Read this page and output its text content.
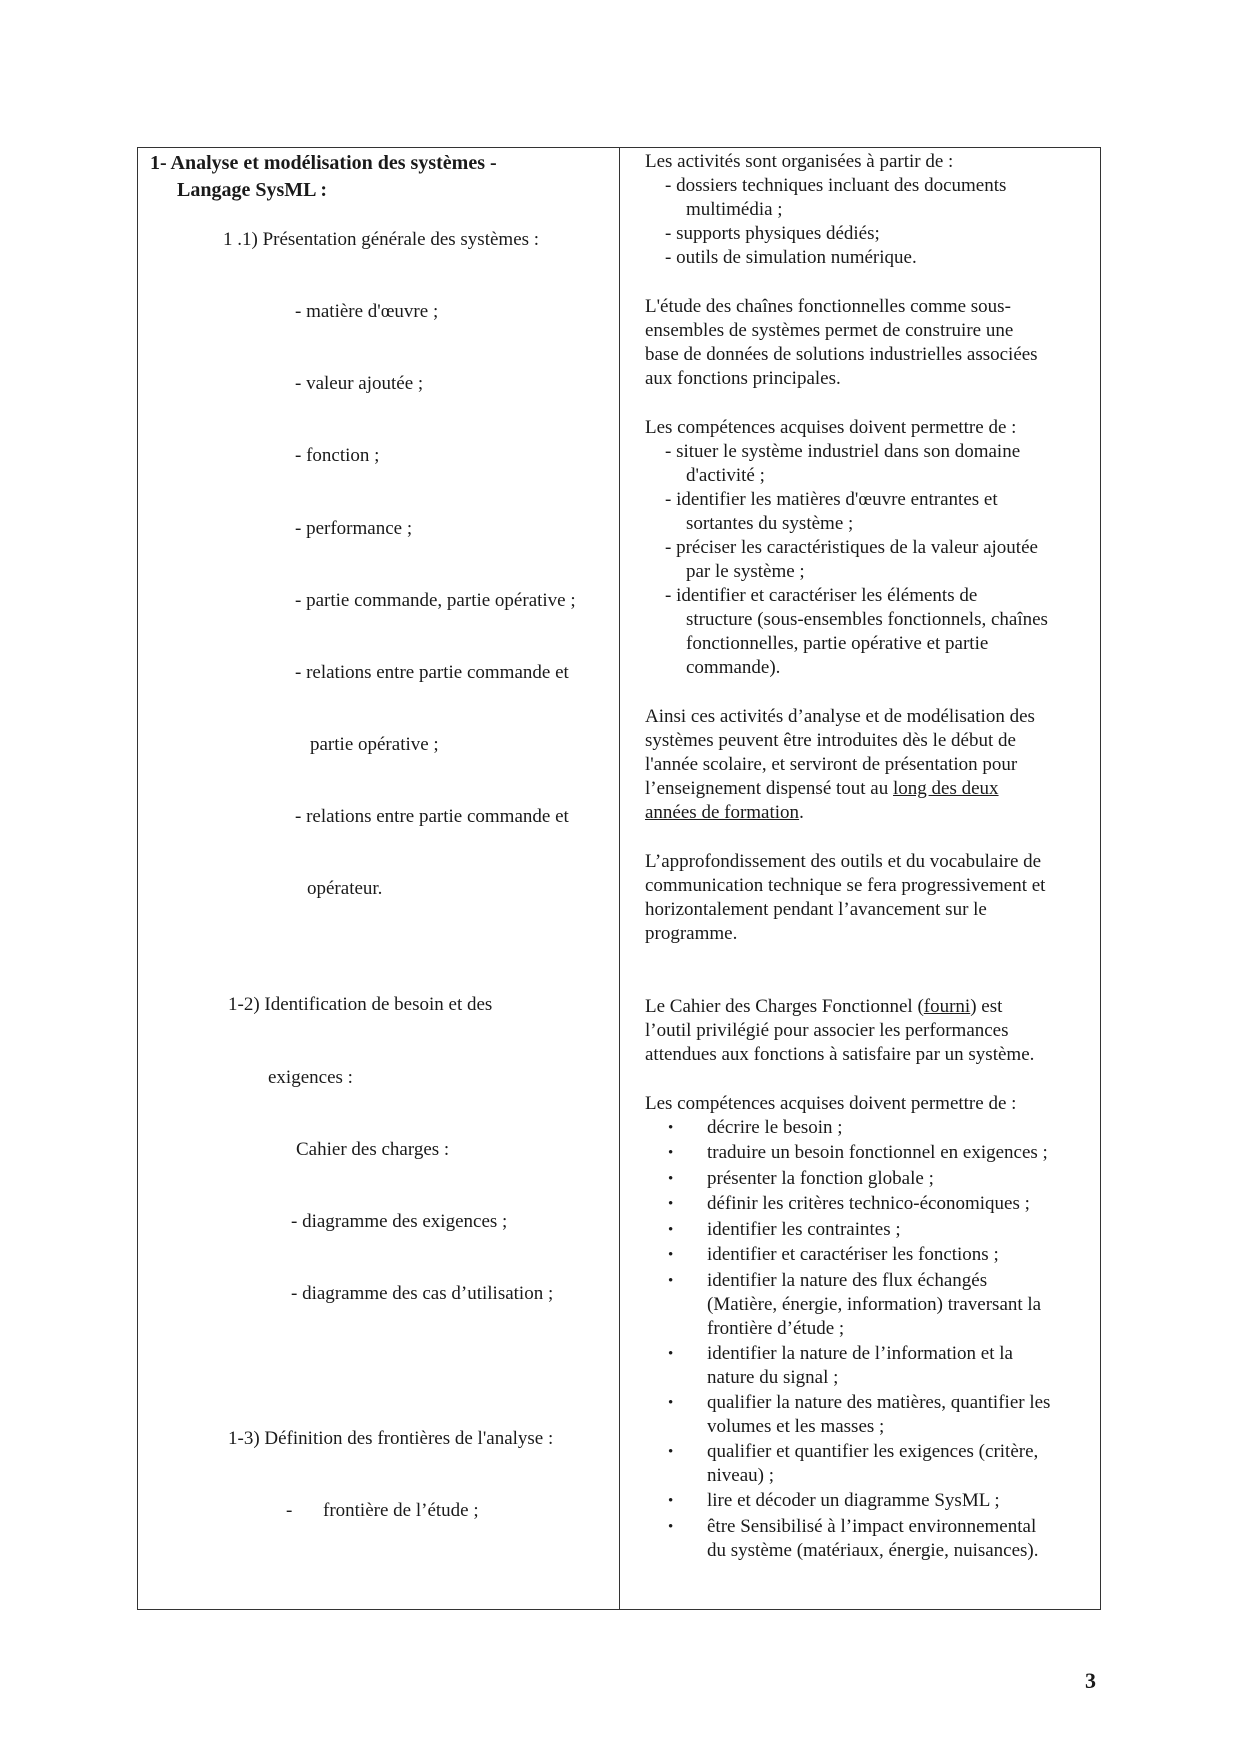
1- Analyse et modélisation des systèmes -
Langage SysML :
1 .1) Présentation générale des systèmes :
- matière d'œuvre ;
- valeur ajoutée ;
- fonction ;
- performance ;
- partie commande, partie opérative ;
- relations entre partie commande et
partie opérative ;
- relations entre partie commande et
opérateur.
1-2) Identification de besoin et des
exigences :
Cahier des charges :
- diagramme des exigences ;
- diagramme des cas d’utilisation ;
1-3) Définition des frontières de l'analyse :
- frontière de l’étude ;
Les activités sont organisées à partir de :
- dossiers techniques incluant des documents
multimédia ;
- supports physiques dédiés;
- outils de simulation numérique.
L'étude des chaînes fonctionnelles comme sous-
ensembles de systèmes permet de construire une
base de données de solutions industrielles associées
aux fonctions principales.
Les compétences acquises doivent permettre de :
- situer le système industriel dans son domaine
d'activité ;
- identifier les matières d'œuvre entrantes et
sortantes du système ;
- préciser les caractéristiques de la valeur ajoutée
par le système ;
- identifier et caractériser les éléments de
structure (sous-ensembles fonctionnels, chaînes
fonctionnelles, partie opérative et partie
commande).
Ainsi ces activités d’analyse et de modélisation des
systèmes peuvent être introduites dès le début de
l'année scolaire, et serviront de présentation pour
l’enseignement dispensé tout au long des deux
années de formation.
L’approfondissement des outils et du vocabulaire de
communication technique se fera progressivement et
horizontalement pendant l’avancement sur le
programme.
Le Cahier des Charges Fonctionnel (fourni) est
l’outil privilégié pour associer les performances
attendues aux fonctions à satisfaire par un système.
Les compétences acquises doivent permettre de :
• décrire le besoin ;
• traduire un besoin fonctionnel en exigences ;
• présenter la fonction globale ;
• définir les critères technico-économiques ;
• identifier les contraintes ;
• identifier et caractériser les fonctions ;
• identifier la nature des flux échangés
(Matière, énergie, information) traversant la
frontière d’étude ;
• identifier la nature de l’information et la
nature du signal ;
• qualifier la nature des matières, quantifier les
volumes et les masses ;
• qualifier et quantifier les exigences (critère,
niveau) ;
• lire et décoder un diagramme SysML ;
• être Sensibilisé à l’impact environnemental
du système (matériaux, énergie, nuisances).
3
